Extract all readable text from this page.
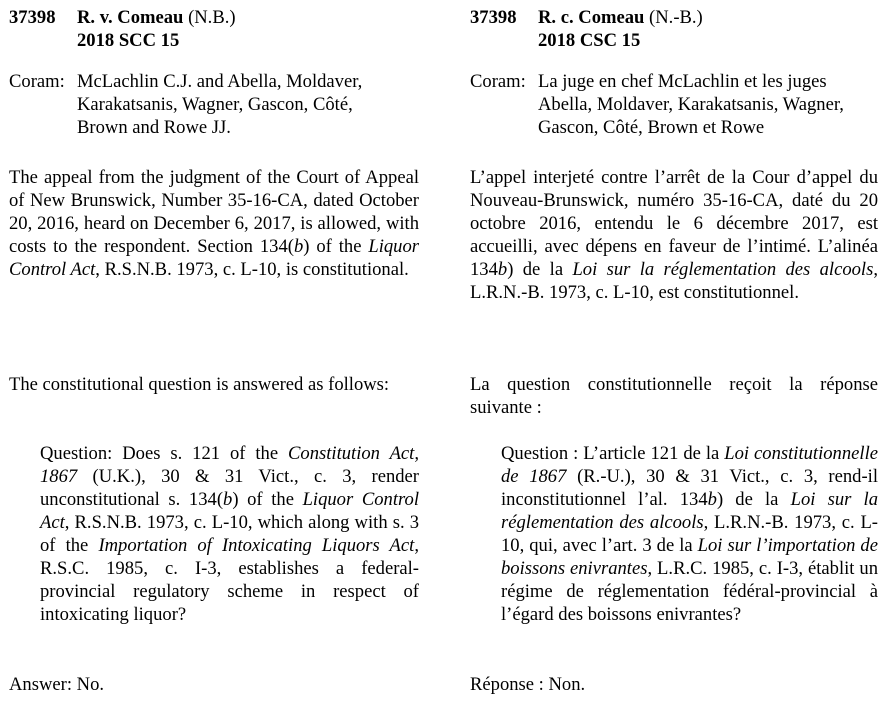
37398 R. v. Comeau (N.B.)
2018 SCC 15
Coram: McLachlin C.J. and Abella, Moldaver,
Karakatsanis, Wagner, Gascon, Côté,
Brown and Rowe JJ.
The appeal from the judgment of the Court of Appeal of New Brunswick, Number 35-16-CA, dated October 20, 2016, heard on December 6, 2017, is allowed, with costs to the respondent. Section 134(b) of the Liquor Control Act, R.S.N.B. 1973, c. L-10, is constitutional.
The constitutional question is answered as follows:
Question: Does s. 121 of the Constitution Act, 1867 (U.K.), 30 & 31 Vict., c. 3, render unconstitutional s. 134(b) of the Liquor Control Act, R.S.N.B. 1973, c. L-10, which along with s. 3 of the Importation of Intoxicating Liquors Act, R.S.C. 1985, c. I-3, establishes a federal-provincial regulatory scheme in respect of intoxicating liquor?
Answer: No.
37398 R. c. Comeau (N.-B.)
2018 CSC 15
Coram: La juge en chef McLachlin et les juges
Abella, Moldaver, Karakatsanis, Wagner,
Gascon, Côté, Brown et Rowe
L’appel interjeté contre l’arrêt de la Cour d’appel du Nouveau-Brunswick, numéro 35-16-CA, daté du 20 octobre 2016, entendu le 6 décembre 2017, est accueilli, avec dépens en faveur de l’intimé. L’alinéa 134b) de la Loi sur la réglementation des alcools, L.R.N.-B. 1973, c. L-10, est constitutionnel.
La question constitutionnelle reçoit la réponse suivante :
Question : L’article 121 de la Loi constitutionnelle de 1867 (R.-U.), 30 & 31 Vict., c. 3, rend-il inconstitutionnel l’al. 134b) de la Loi sur la réglementation des alcools, L.R.N.-B. 1973, c. L-10, qui, avec l’art. 3 de la Loi sur l’importation de boissons enivrantes, L.R.C. 1985, c. I-3, établit un régime de réglementation fédéral-provincial à l’égard des boissons enivrantes?
Réponse : Non.
